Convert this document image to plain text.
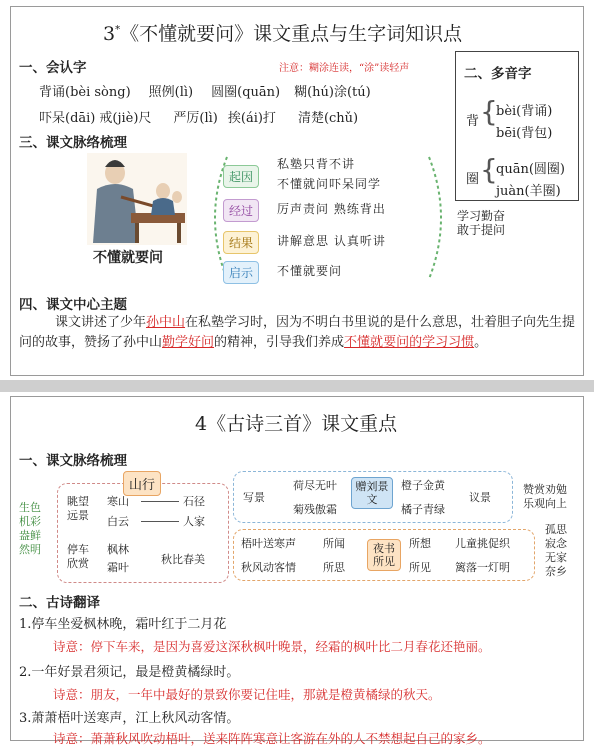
3*《不懂就要问》课文重点与生字词知识点
一、会认字	注意：糊涂连读，“涂”读轻声
背诵(bèi sòng) 照例(lì) 圆圈(quān) 糊(hú)涂(tú)
吓呆(dāi) 戒(jiè)尺 严厉(lì) 挨(ái)打 清楚(chǔ)
二、多音字
背 {
bèi(背诵)
bēi(背包)
圈 {
quān(圆圈)
juàn(羊圈)
三、课文脉络梳理
不懂就要问
起因
私塾只背不讲
不懂就问吓呆同学
经过	厉声责问 熟练背出
结果	讲解意思 认真听讲
启示	不懂就要问
学习勤奋
敢于提问
四、课文中心主题
课文讲述了少年孙中山在私塾学习时，因为不明白书里说的是什么意思，壮着胆子向先生提问的故事，赞扬了孙中山勤学好问的精神，引导我们养成不懂就要问的学习习惯。
4《古诗三首》课文重点
一、课文脉络梳理
生色
机彩
盎鲜
然明
山行
眺望
远景
寒山	石径
白云	人家
停车
欣赏
枫林
霜叶
秋比春美
写景
荷尽无叶
菊残傲霜
赠刘景文
橙子金黄
橘子青绿
议景
赞赏劝勉
乐观向上
梧叶送寒声 所闻	所想 儿童挑促织
夜书所见
秋风动客情 所思	所见 篱落一灯明
孤思
寂念
无家
奈乡
二、古诗翻译
1.停车坐爱枫林晚，霜叶红于二月花
诗意：停下车来，是因为喜爱这深秋枫叶晚景，经霜的枫叶比二月春花还艳丽。
2.一年好景君须记，最是橙黄橘绿时。
诗意：朋友，一年中最好的景致你要记住哇，那就是橙黄橘绿的秋天。
3.萧萧梧叶送寒声，江上秋风动客情。
诗意：萧萧秋风吹动梧叶，送来阵阵寒意让客游在外的人不禁想起自己的家乡。
